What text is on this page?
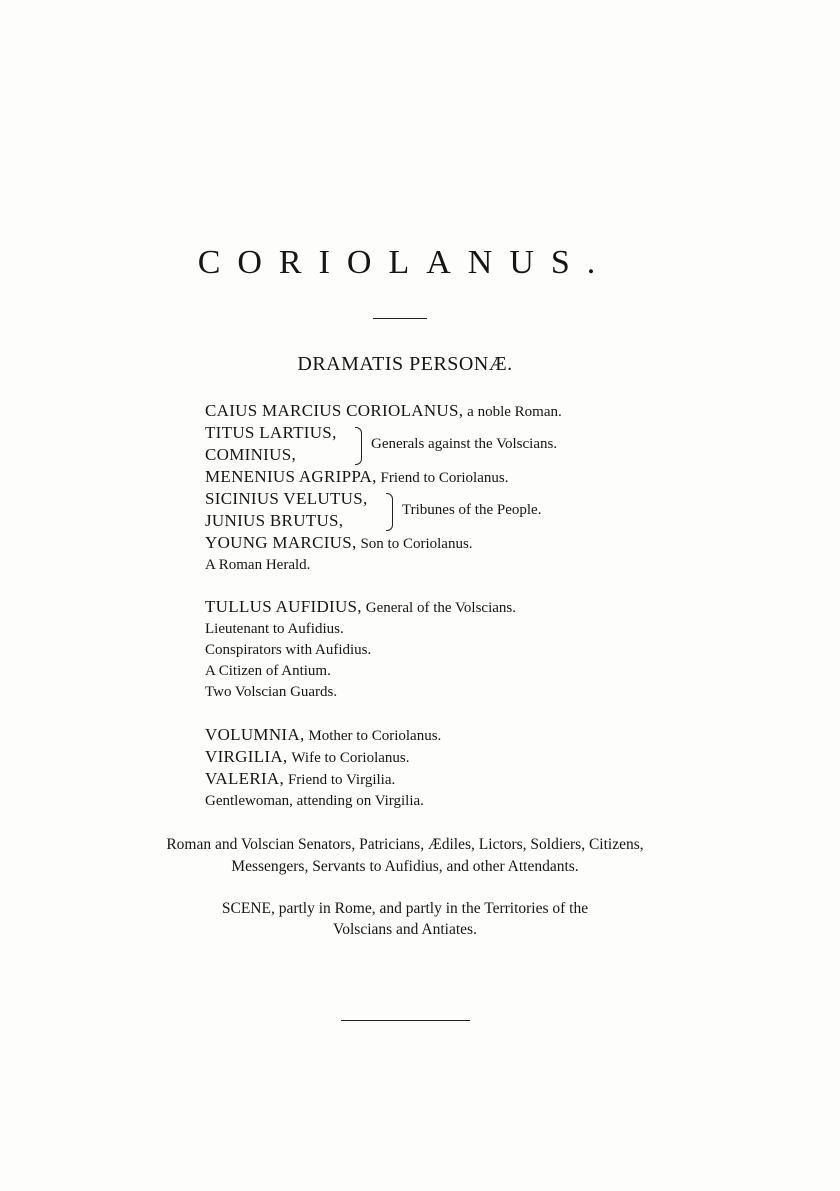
CORIOLANUS.
DRAMATIS PERSONÆ.
CAIUS MARCIUS CORIOLANUS, a noble Roman.
TITUS LARTIUS,
COMINIUS,
Generals against the Volscians.
MENENIUS AGRIPPA, Friend to Coriolanus.
SICINIUS VELUTUS,
JUNIUS BRUTUS,
Tribunes of the People.
YOUNG MARCIUS, Son to Coriolanus.
A Roman Herald.
TULLUS AUFIDIUS, General of the Volscians.
Lieutenant to Aufidius.
Conspirators with Aufidius.
A Citizen of Antium.
Two Volscian Guards.
VOLUMNIA, Mother to Coriolanus.
VIRGILIA, Wife to Coriolanus.
VALERIA, Friend to Virgilia.
Gentlewoman, attending on Virgilia.
Roman and Volscian Senators, Patricians, Ædiles, Lictors, Soldiers, Citizens,
Messengers, Servants to Aufidius, and other Attendants.
SCENE, partly in Rome, and partly in the Territories of the
Volscians and Antiates.
